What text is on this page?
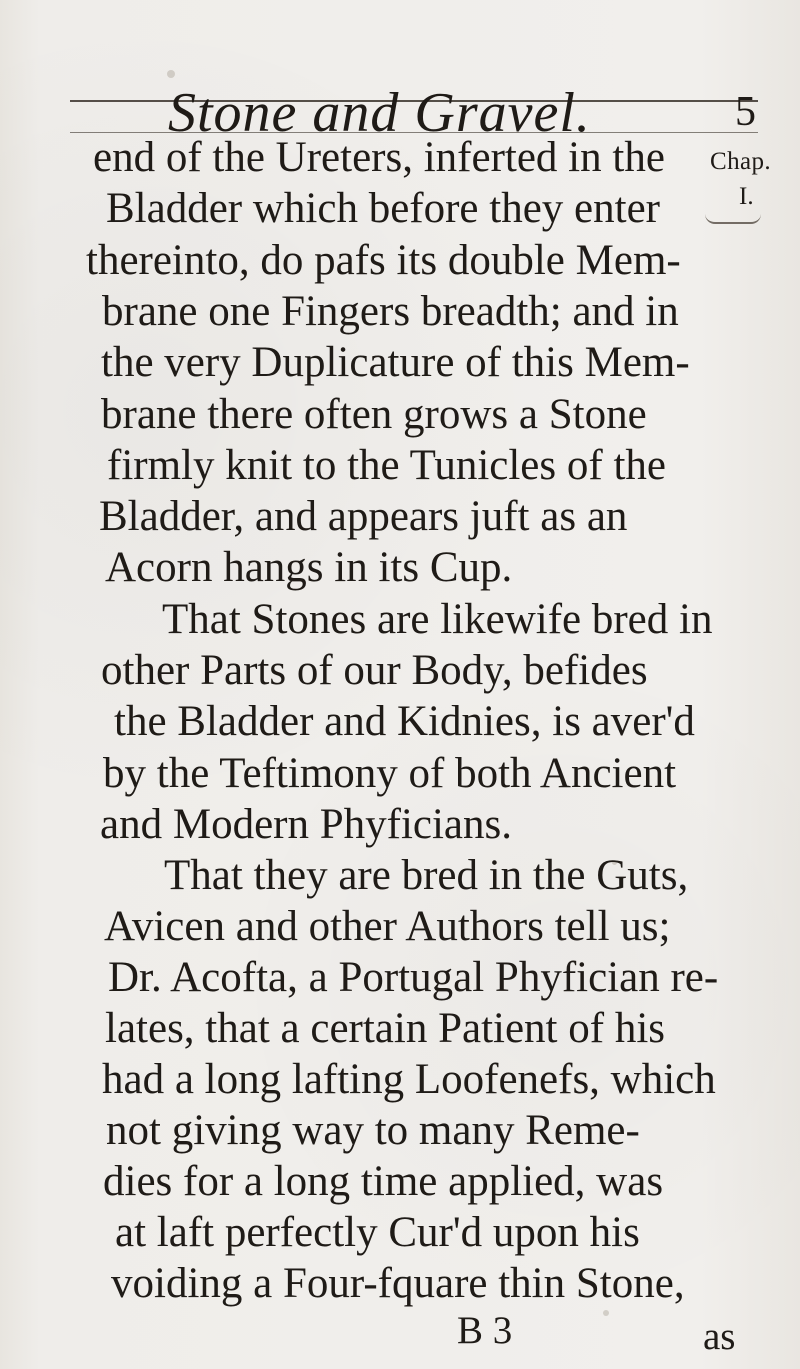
Stone and Gravel.	5
Chap.
I.
end of the Ureters, inferted in the
Bladder which before they enter
thereinto, do pafs its double Mem-
brane one Fingers breadth; and in
the very Duplicature of this Mem-
brane there often grows a Stone
firmly knit to the Tunicles of the
Bladder, and appears juft as an
Acorn hangs in its Cup.
That Stones are likewife bred in
other Parts of our Body, befides
the Bladder and Kidnies, is aver'd
by the Teftimony of both Ancient
and Modern Phyficians.
That they are bred in the Guts,
Avicen and other Authors tell us;
Dr. Acofta, a Portugal Phyfician re-
lates, that a certain Patient of his
had a long lafting Loofenefs, which
not giving way to many Reme-
dies for a long time applied, was
at laft perfectly Cur'd upon his
voiding a Four-fquare thin Stone,
B 3	as
